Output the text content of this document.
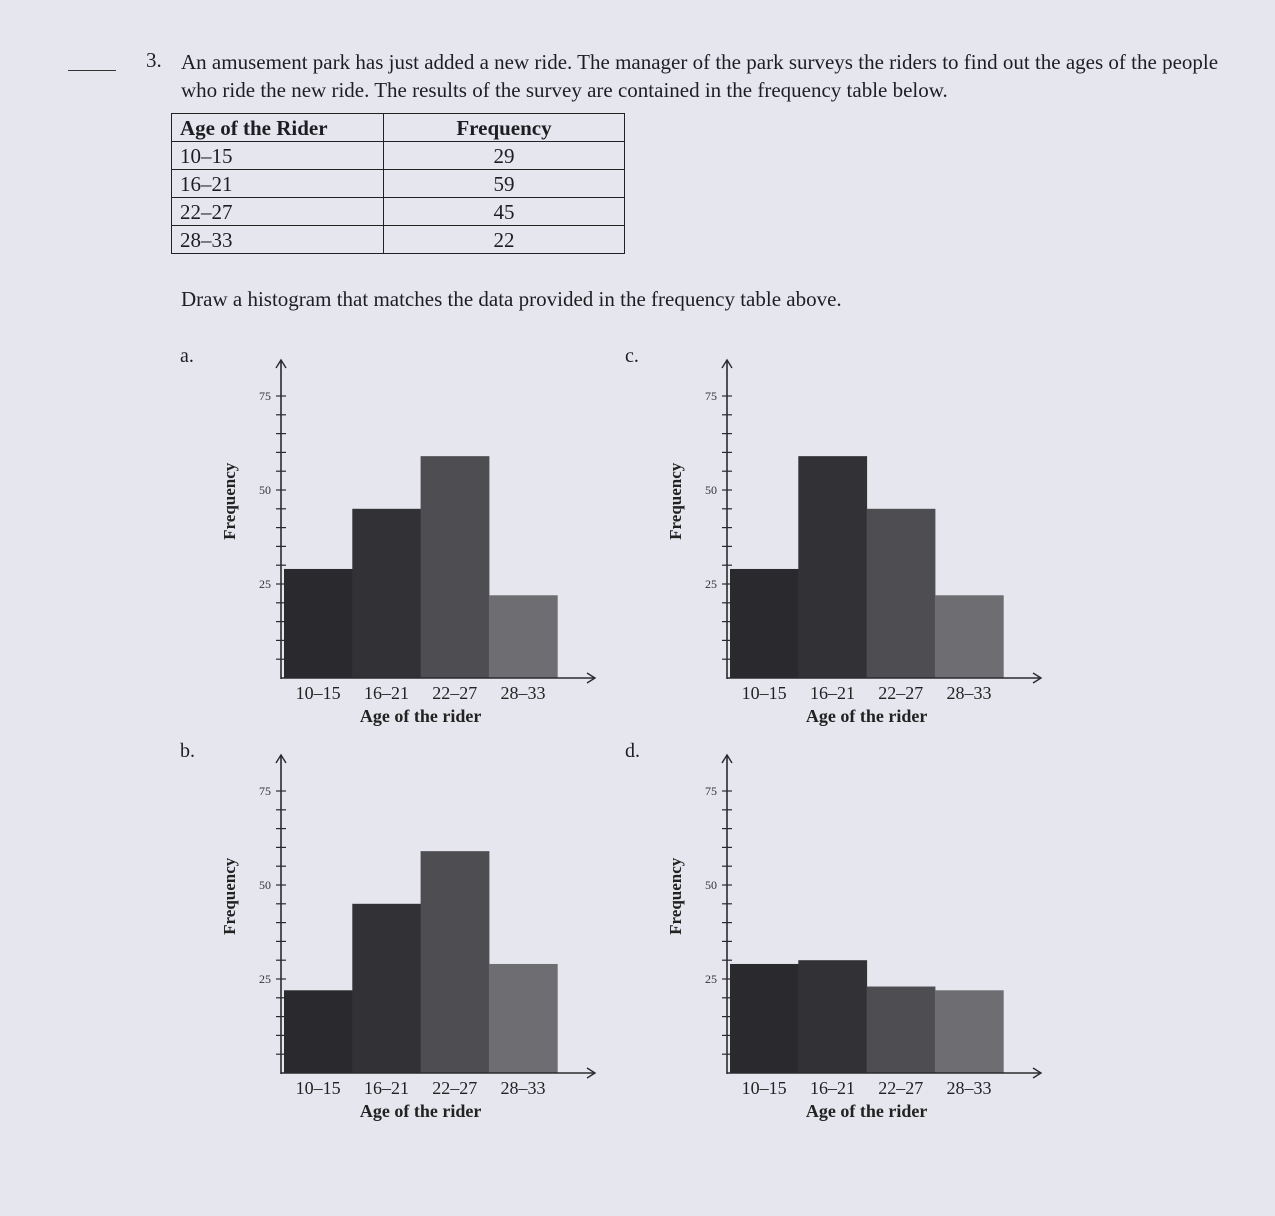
3. An amusement park has just added a new ride. The manager of the park surveys the riders to find out the ages of the people who ride the new ride. The results of the survey are contained in the frequency table below.
Age of the Rider	Frequency
10–15	29
16–21	59
22–27	45
28–33	22
Draw a histogram that matches the data provided in the frequency table above.
a.	c.
b.	d.
25
50
75
10–15 16–21 22–27 28–33
Age of the rider
Frequency
25
50
75
10–15 16–21 22–27 28–33
Age of the rider
Frequency
25
50
75
10–15 16–21 22–27 28–33
Age of the rider
Frequency
25
50
75
10–15 16–21 22–27 28–33
Age of the rider
Frequency
